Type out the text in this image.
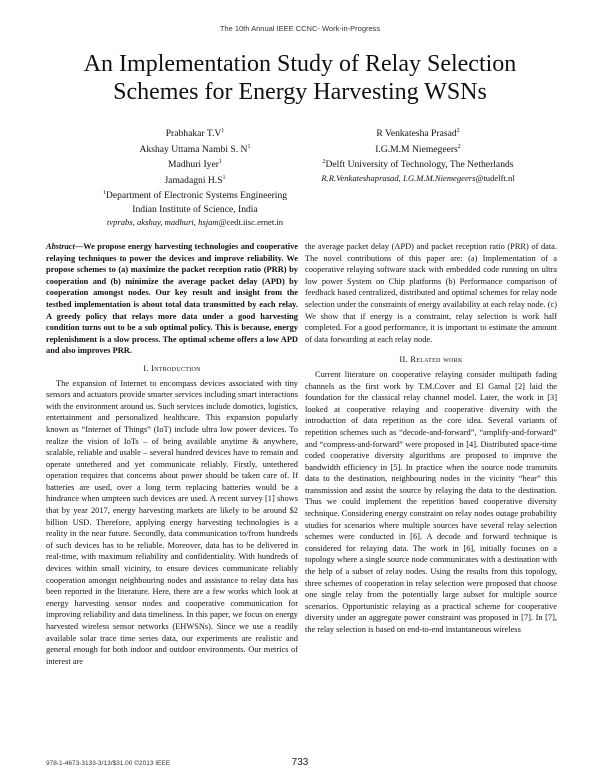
The 10th Annual IEEE CCNC- Work-in-Progress
An Implementation Study of Relay Selection
Schemes for Energy Harvesting WSNs
Prabhakar $T.V^1$
Akshay Uttama Nambi S. $N^1$
Madhuri Iyer$^1$
Jamadagni $H.S^1$
$^1$Department of Electronic Systems Engineering
Indian Institute of Science, India
tvprabs, akshay, madhuri, hsjam@cedt.iisc.ernet.in
R Venkatesha Prasad$^2$
I.G.M.M Niemegeers$^2$
$^2$Delft University of Technology, The Netherlands
R.R.Venkateshaprasad, I.G.M.M.Niemegeers@tudelft.nl

Abstract—We propose energy harvesting technologies and cooperative relaying techniques to power the devices and improve reliability. We propose schemes to (a) maximize the packet reception ratio (PRR) by cooperation and (b) minimize the average packet delay (APD) by cooperation amongst nodes. Our key result and insight from the testbed implementation is about total data transmitted by each relay. A greedy policy that relays more data under a good harvesting condition turns out to be a sub optimal policy. This is because, energy replenishment is a slow process. The optimal scheme offers a low APD and also improves PRR.

I. Introduction

The expansion of Internet to encompass devices associated with tiny sensors and actuators provide smarter services including smart interactions with the environment around us. Such services include domotics, logistics, entertainment and personalized healthcare. This expansion popularly known as “Internet of Things” (IoT) include ultra low power devices. To realize the vision of IoTs – of being available anytime & anywhere, scalable, reliable and usable – several hundred devices have to remain and operate untethered and yet communicate reliably. Firstly, untethered operation requires that concerns about power should be taken care of. If batteries are used, over a long term replacing batteries would be a hindrance when umpteen such devices are used. A recent survey [1] shows that by year 2017, energy harvesting markets are likely to be around $2 billion USD. Therefore, applying energy harvesting technologies is a reality in the near future. Secondly, data communication to/from hundreds of such devices has to be reliable. Moreover, data has to be delivered in real-time, with maximum reliability and confidentiality. With hundreds of devices within small vicinity, to ensure devices communicate reliably cooperation amongst neighbouring nodes and assistance to relay data has been reported in the literature. Here, there are a few works which look at energy harvesting sensor nodes and cooperative communication for improving reliability and data timeliness. In this paper, we focus on energy harvested wireless sensor networks (EHWSNs). Since we use a readily available solar trace time series data, our experiments are realistic and general enough for both indoor and outdoor environments. Our metrics of interest are

the average packet delay (APD) and packet reception ratio (PRR) of data. The novel contributions of this paper are: (a) Implementation of a cooperative relaying software stack with embedded code running on ultra low power System on Chip platforms (b) Performance comparison of feedback based centralized, distributed and optimal schemes for relay node selection under the constraints of energy availability at each relay node. (c) We show that if energy is a constraint, relay selection is work half completed. For a good performance, it is important to estimate the amount of data forwarding at each relay node.

II. Related work

Current literature on cooperative relaying consider multipath fading channels as the first work by T.M.Cover and El Gamal [2] laid the foundation for the classical relay channel model. Later, the work in [3] looked at cooperative relaying and cooperative diversity with the introduction of data repetition as the core idea. Several variants of repetition schemes such as “decode-and-forward”, “amplify-and-forward” and “compress-and-forward” were proposed in [4]. Distributed space-time coded cooperative diversity algorithms are proposed to improve the bandwidth efficiency in [5]. In practice when the source node transmits data to the destination, neighbouring nodes in the vicinity “hear” this transmission and assist the source by relaying the data to the destination. Thus we could implement the repetition based cooperative diversity technique. Considering energy constraint on relay nodes outage probability studies for scenarios where multiple sources have several relay selection schemes were conducted in [6]. A decode and forward technique is considered for relaying data. The work in [6], initially focuses on a topology where a single source node communicates with a destination with the help of a subset of relay nodes. Using the results from this topology, three schemes of cooperation in relay selection were proposed that choose one single relay from the potentially large subset for multiple source scenarios. Opportunistic relaying as a practical scheme for cooperative diversity under an aggregate power constraint was proposed in [7]. In [7], the relay selection is based on end-to-end instantaneous wireless

978-1-4673-3133-3/13/$31.00 ©2013 IEEE	733
